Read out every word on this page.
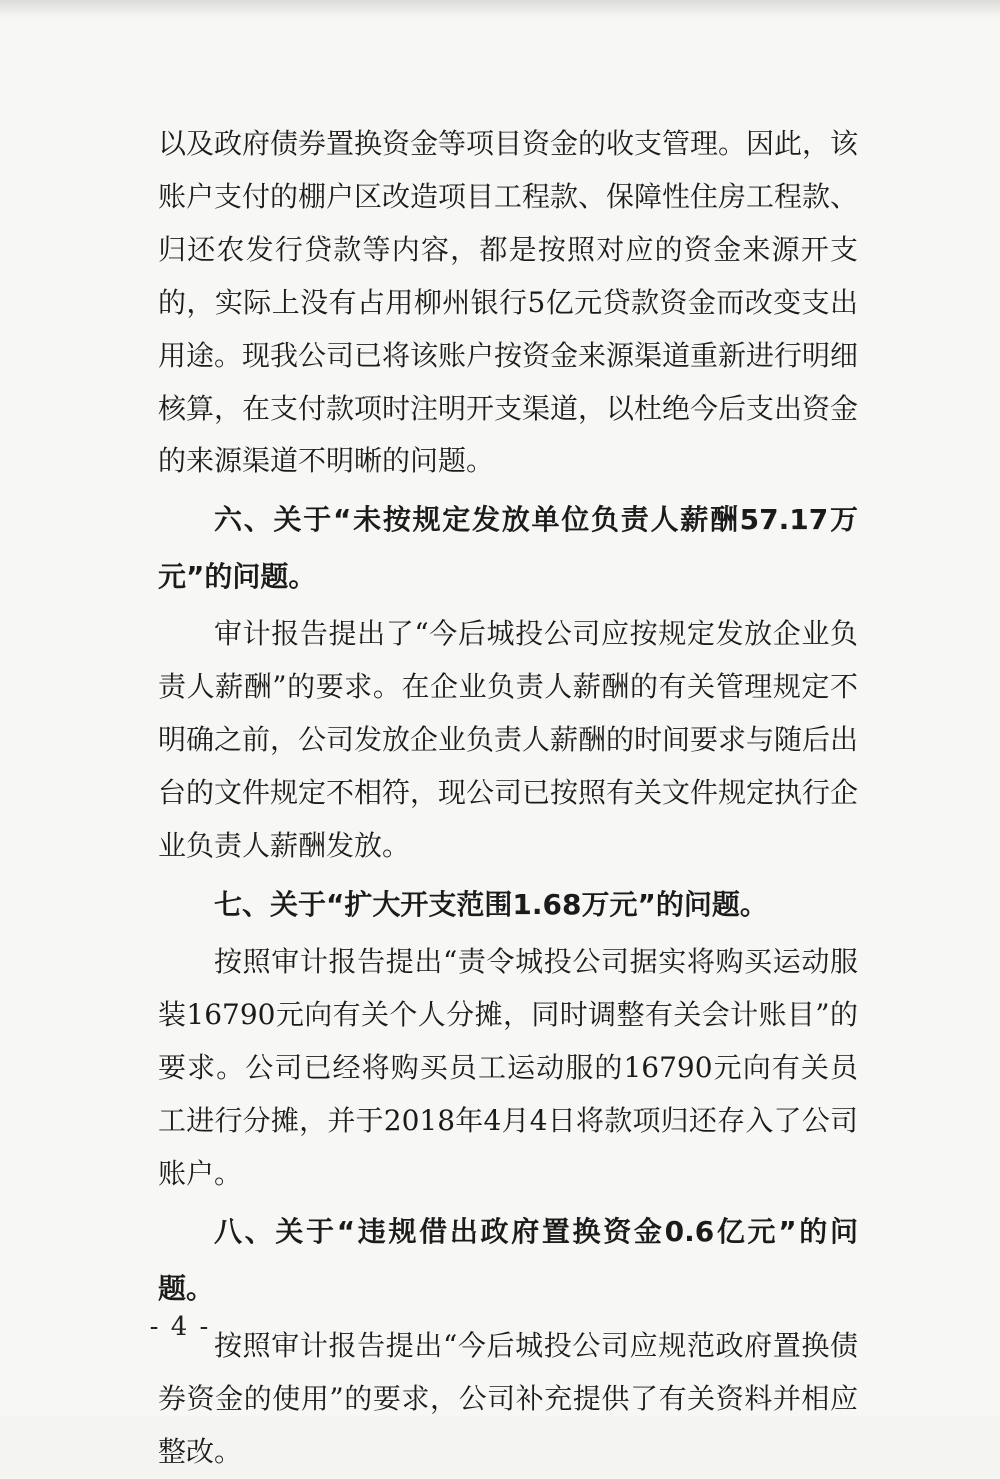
以及政府债券置换资金等项目资金的收支管理。因此，该账户支付的棚户区改造项目工程款、保障性住房工程款、归还农发行贷款等内容，都是按照对应的资金来源开支的，实际上没有占用柳州银行5亿元贷款资金而改变支出用途。现我公司已将该账户按资金来源渠道重新进行明细核算，在支付款项时注明开支渠道，以杜绝今后支出资金的来源渠道不明晰的问题。

六、关于“未按规定发放单位负责人薪酬57.17万元”的问题。

审计报告提出了“今后城投公司应按规定发放企业负责人薪酬”的要求。在企业负责人薪酬的有关管理规定不明确之前，公司发放企业负责人薪酬的时间要求与随后出台的文件规定不相符，现公司已按照有关文件规定执行企业负责人薪酬发放。

七、关于“扩大开支范围1.68万元”的问题。

按照审计报告提出“责令城投公司据实将购买运动服装16790元向有关个人分摊，同时调整有关会计账目”的要求。公司已经将购买员工运动服的16790元向有关员工进行分摊，并于2018年4月4日将款项归还存入了公司账户。

八、关于“违规借出政府置换资金0.6亿元”的问题。

按照审计报告提出“今后城投公司应规范政府置换债券资金的使用”的要求，公司补充提供了有关资料并相应整改。

- 4 -
